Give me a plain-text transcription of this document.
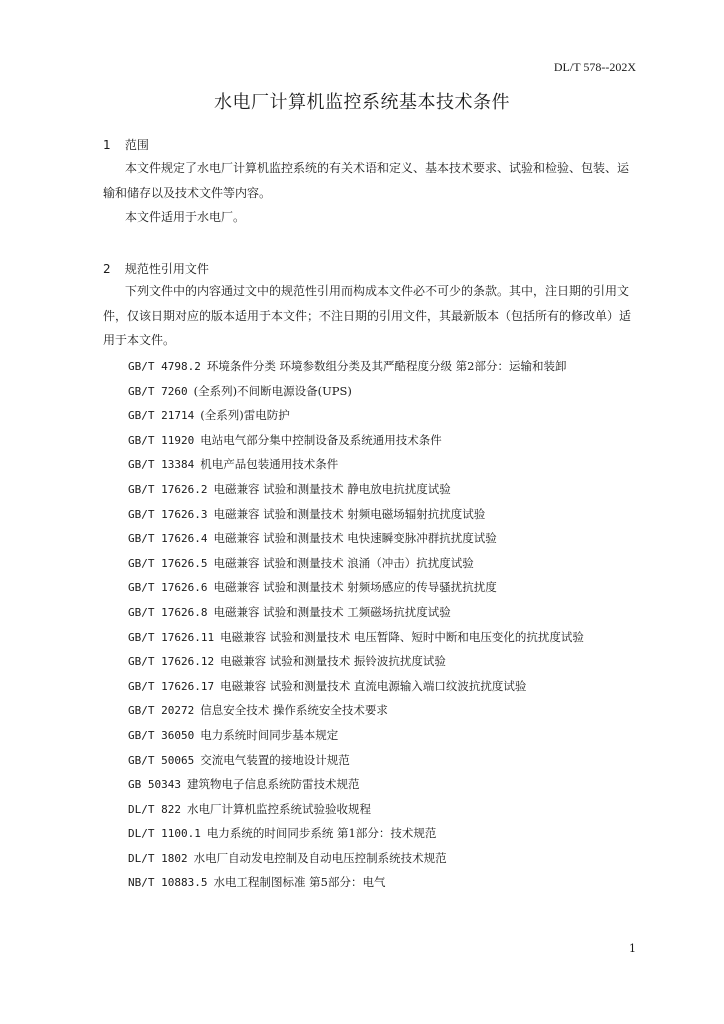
DL/T 578--202X
水电厂计算机监控系统基本技术条件
1 范围
本文件规定了水电厂计算机监控系统的有关术语和定义、基本技术要求、试验和检验、包装、运输和储存以及技术文件等内容。
本文件适用于水电厂。
2 规范性引用文件
下列文件中的内容通过文中的规范性引用而构成本文件必不可少的条款。其中，注日期的引用文件，仅该日期对应的版本适用于本文件；不注日期的引用文件，其最新版本（包括所有的修改单）适用于本文件。
GB/T 4798.2 环境条件分类 环境参数组分类及其严酷程度分级 第2部分：运输和装卸
GB/T 7260 (全系列)不间断电源设备(UPS)
GB/T 21714 (全系列)雷电防护
GB/T 11920 电站电气部分集中控制设备及系统通用技术条件
GB/T 13384 机电产品包装通用技术条件
GB/T 17626.2 电磁兼容 试验和测量技术 静电放电抗扰度试验
GB/T 17626.3 电磁兼容 试验和测量技术 射频电磁场辐射抗扰度试验
GB/T 17626.4 电磁兼容 试验和测量技术 电快速瞬变脉冲群抗扰度试验
GB/T 17626.5 电磁兼容 试验和测量技术 浪涌（冲击）抗扰度试验
GB/T 17626.6 电磁兼容 试验和测量技术 射频场感应的传导骚扰抗扰度
GB/T 17626.8 电磁兼容 试验和测量技术 工频磁场抗扰度试验
GB/T 17626.11 电磁兼容 试验和测量技术 电压暂降、短时中断和电压变化的抗扰度试验
GB/T 17626.12 电磁兼容 试验和测量技术 振铃波抗扰度试验
GB/T 17626.17 电磁兼容 试验和测量技术 直流电源输入端口纹波抗扰度试验
GB/T 20272 信息安全技术 操作系统安全技术要求
GB/T 36050 电力系统时间同步基本规定
GB/T 50065 交流电气装置的接地设计规范
GB 50343 建筑物电子信息系统防雷技术规范
DL/T 822 水电厂计算机监控系统试验验收规程
DL/T 1100.1 电力系统的时间同步系统 第1部分：技术规范
DL/T 1802 水电厂自动发电控制及自动电压控制系统技术规范
NB/T 10883.5 水电工程制图标准 第5部分：电气
1
